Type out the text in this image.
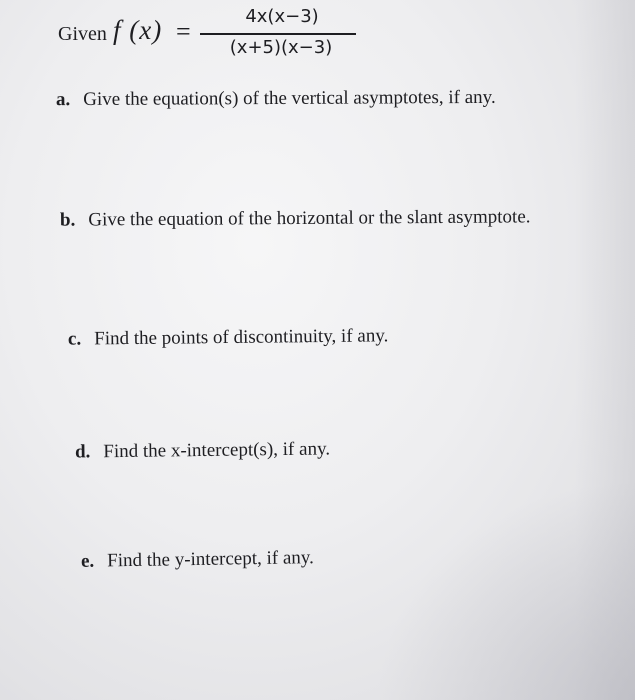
Given f (x) =
4x(x−3)
(x+5)(x−3)
a. Give the equation(s) of the vertical asymptotes, if any.
b. Give the equation of the horizontal or the slant asymptote.
c. Find the points of discontinuity, if any.
d. Find the x-intercept(s), if any.
e. Find the y-intercept, if any.
